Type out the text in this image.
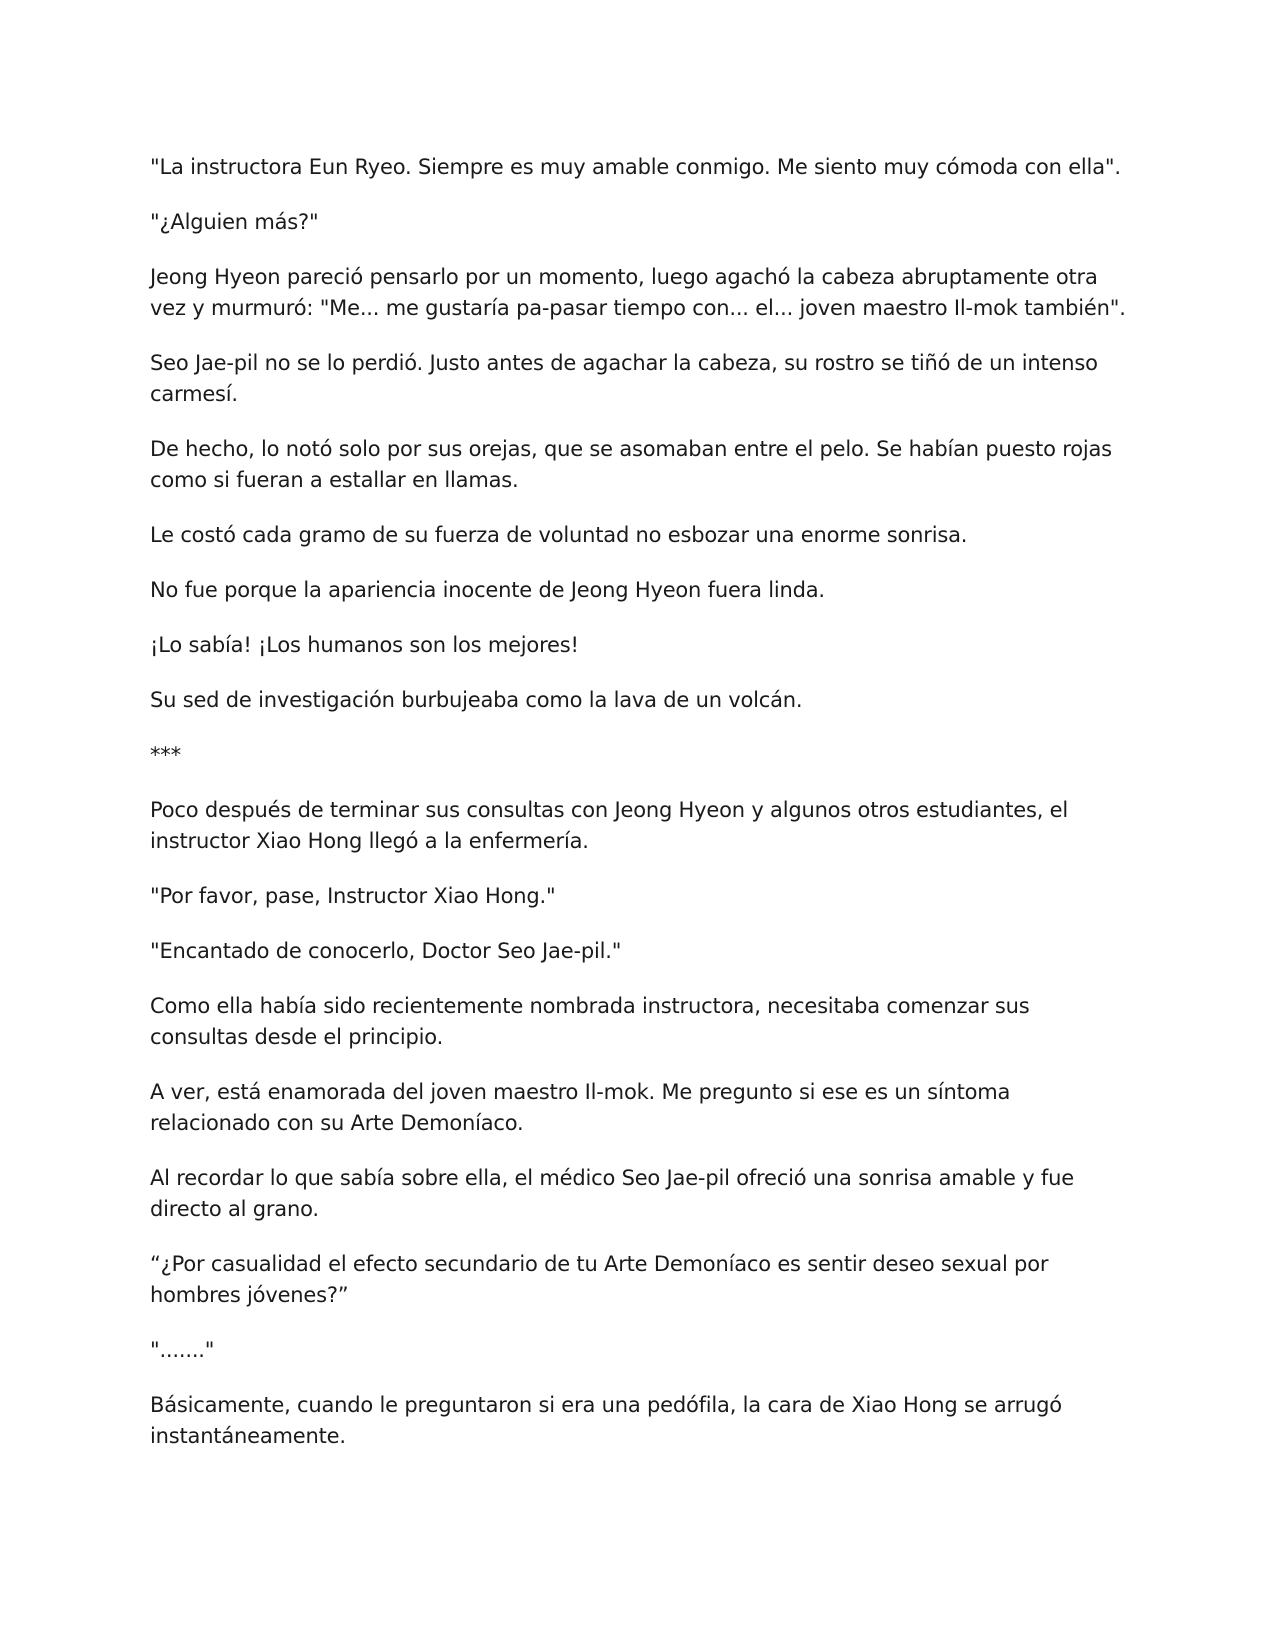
"La instructora Eun Ryeo. Siempre es muy amable conmigo. Me siento muy cómoda con ella".

"¿Alguien más?"

Jeong Hyeon pareció pensarlo por un momento, luego agachó la cabeza abruptamente otra vez y murmuró: "Me... me gustaría pa-pasar tiempo con... el... joven maestro Il-mok también".

Seo Jae-pil no se lo perdió. Justo antes de agachar la cabeza, su rostro se tiñó de un intenso carmesí.

De hecho, lo notó solo por sus orejas, que se asomaban entre el pelo. Se habían puesto rojas como si fueran a estallar en llamas.

Le costó cada gramo de su fuerza de voluntad no esbozar una enorme sonrisa.

No fue porque la apariencia inocente de Jeong Hyeon fuera linda.

¡Lo sabía! ¡Los humanos son los mejores!

Su sed de investigación burbujeaba como la lava de un volcán.

***

Poco después de terminar sus consultas con Jeong Hyeon y algunos otros estudiantes, el instructor Xiao Hong llegó a la enfermería.

"Por favor, pase, Instructor Xiao Hong."

"Encantado de conocerlo, Doctor Seo Jae-pil."

Como ella había sido recientemente nombrada instructora, necesitaba comenzar sus consultas desde el principio.

A ver, está enamorada del joven maestro Il-mok. Me pregunto si ese es un síntoma relacionado con su Arte Demoníaco.

Al recordar lo que sabía sobre ella, el médico Seo Jae-pil ofreció una sonrisa amable y fue directo al grano.

“¿Por casualidad el efecto secundario de tu Arte Demoníaco es sentir deseo sexual por hombres jóvenes?”

"......."

Básicamente, cuando le preguntaron si era una pedófila, la cara de Xiao Hong se arrugó instantáneamente.
